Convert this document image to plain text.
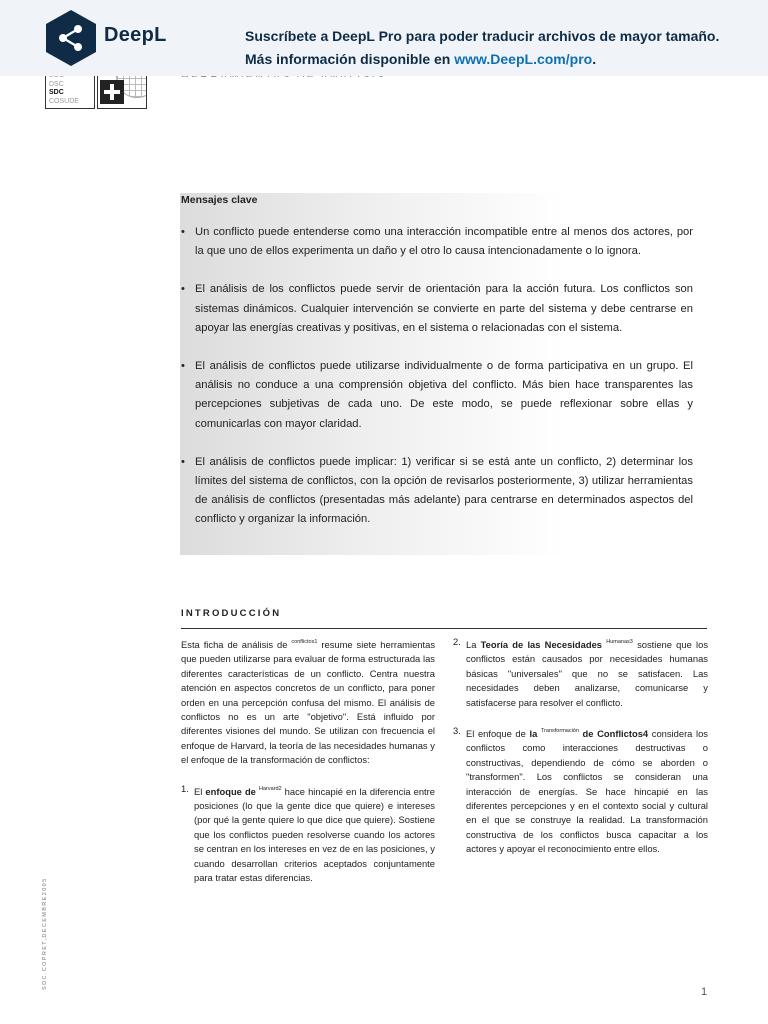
DeepL	Suscríbete a DeepL Pro para poder traducir archivos de mayor tamaño.
Más información disponible en www.DeepL.com/pro.
DSC
SDC
COSUDE
Mensajes clave
• Un conflicto puede entenderse como una interacción incompatible entre al menos dos actores, por la que uno de ellos experimenta un daño y el otro lo causa intencionadamente o lo ignora.
• El análisis de los conflictos puede servir de orientación para la acción futura. Los conflictos son sistemas dinámicos. Cualquier intervención se convierte en parte del sistema y debe centrarse en apoyar las energías creativas y positivas, en el sistema o relacionadas con el sistema.
• El análisis de conflictos puede utilizarse individualmente o de forma participativa en un grupo. El análisis no conduce a una comprensión objetiva del conflicto. Más bien hace transparentes las percepciones subjetivas de cada uno. De este modo, se puede reflexionar sobre ellas y comunicarlas con mayor claridad.
• El análisis de conflictos puede implicar: 1) verificar si se está ante un conflicto, 2) determinar los límites del sistema de conflictos, con la opción de revisarlos posteriormente, 3) utilizar herramientas de análisis de conflictos (presentadas más adelante) para centrarse en determinados aspectos del conflicto y organizar la información.
INTRODUCCIÓN

Esta ficha de análisis de $^{conflictos1}$ resume siete herramientas que pueden utilizarse para evaluar de forma estructurada las diferentes características de un conflicto. Centra nuestra atención en aspectos concretos de un conflicto, para poner orden en una percepción confusa del mismo. El análisis de conflictos no es un arte "objetivo". Está influido por diferentes visiones del mundo. Se utilizan con frecuencia el enfoque de Harvard, la teoría de las necesidades humanas y el enfoque de la transformación de conflictos:

1. El enfoque de $^{Harvard2}$ hace hincapié en la diferencia entre posiciones (lo que la gente dice que quiere) e intereses (por qué la gente quiere lo que dice que quiere). Sostiene que los conflictos pueden resolverse cuando los actores se centran en los intereses en vez de en las posiciones, y cuando desarrollan criterios aceptados conjuntamente para tratar estas diferencias.

2. La Teoría de las Necesidades $^{Humanas3}$ sostiene que los conflictos están causados por necesidades humanas básicas "universales" que no se satisfacen. Las necesidades deben analizarse, comunicarse y satisfacerse para resolver el conflicto.

3. El enfoque de la $^{Transformación}$ de Conflictos4 considera los conflictos como interacciones destructivas o constructivas, dependiendo de cómo se aborden o "transformen". Los conflictos se consideran una interacción de energías. Se hace hincapié en las diferentes percepciones y en el contexto social y cultural en el que se construye la realidad. La transformación constructiva de los conflictos busca capacitar a los actores y apoyar el reconocimiento entre ellos.

SDC.COPRET,DECEMBRE2005
1
